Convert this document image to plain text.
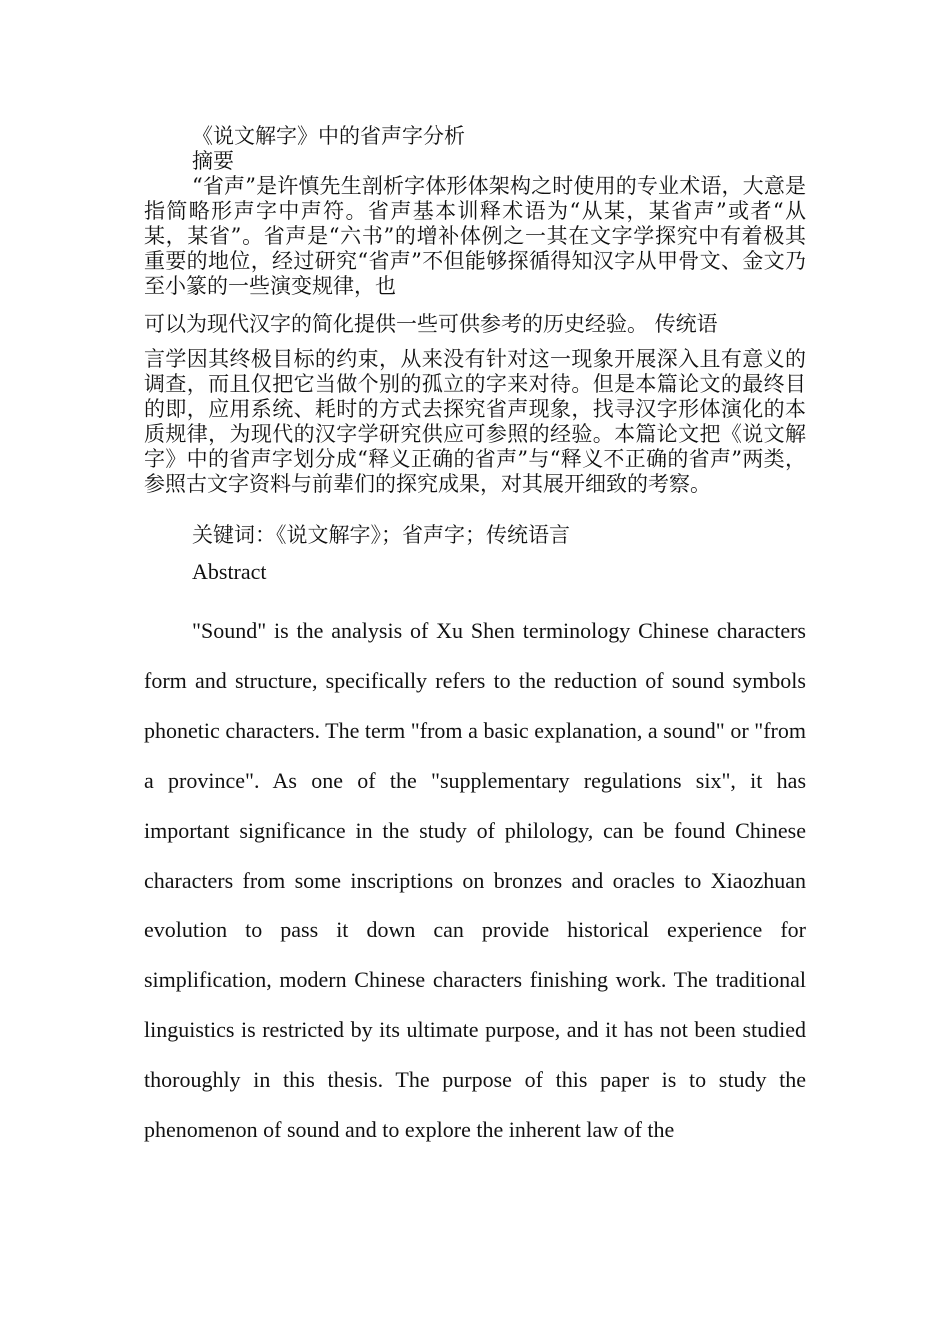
《说文解字》中的省声字分析

摘要

“省声”是许慎先生剖析字体形体架构之时使用的专业术语，大意是指简略形声字中声符。省声基本训释术语为“从某，某省声”或者“从某，某省”。省声是“六书”的增补体例之一其在文字学探究中有着极其重要的地位，经过研究“省声”不但能够探循得知汉字从甲骨文、金文乃至小篆的一些演变规律，也

可以为现代汉字的简化提供一些可供参考的历史经验。 传统语

言学因其终极目标的约束，从来没有针对这一现象开展深入且有意义的调查，而且仅把它当做个别的孤立的字来对待。但是本篇论文的最终目的即，应用系统、耗时的方式去探究省声现象，找寻汉字形体演化的本质规律，为现代的汉字学研究供应可参照的经验。本篇论文把《说文解字》中的省声字划分成“释义正确的省声”与“释义不正确的省声”两类，参照古文字资料与前辈们的探究成果，对其展开细致的考察。

关键词：《说文解字》；省声字；传统语言

Abstract

"Sound" is the analysis of Xu Shen terminology Chinese characters form and structure, specifically refers to the reduction of sound symbols phonetic characters. The term "from a basic explanation, a sound" or "from a province". As one of the "supplementary regulations six", it has important significance in the study of philology, can be found Chinese characters from some inscriptions on bronzes and oracles to Xiaozhuan evolution to pass it down can provide historical experience for simplification, modern Chinese characters finishing work. The traditional linguistics is restricted by its ultimate purpose, and it has not been studied thoroughly in this thesis. The purpose of this paper is to study the phenomenon of sound and to explore the inherent law of the
